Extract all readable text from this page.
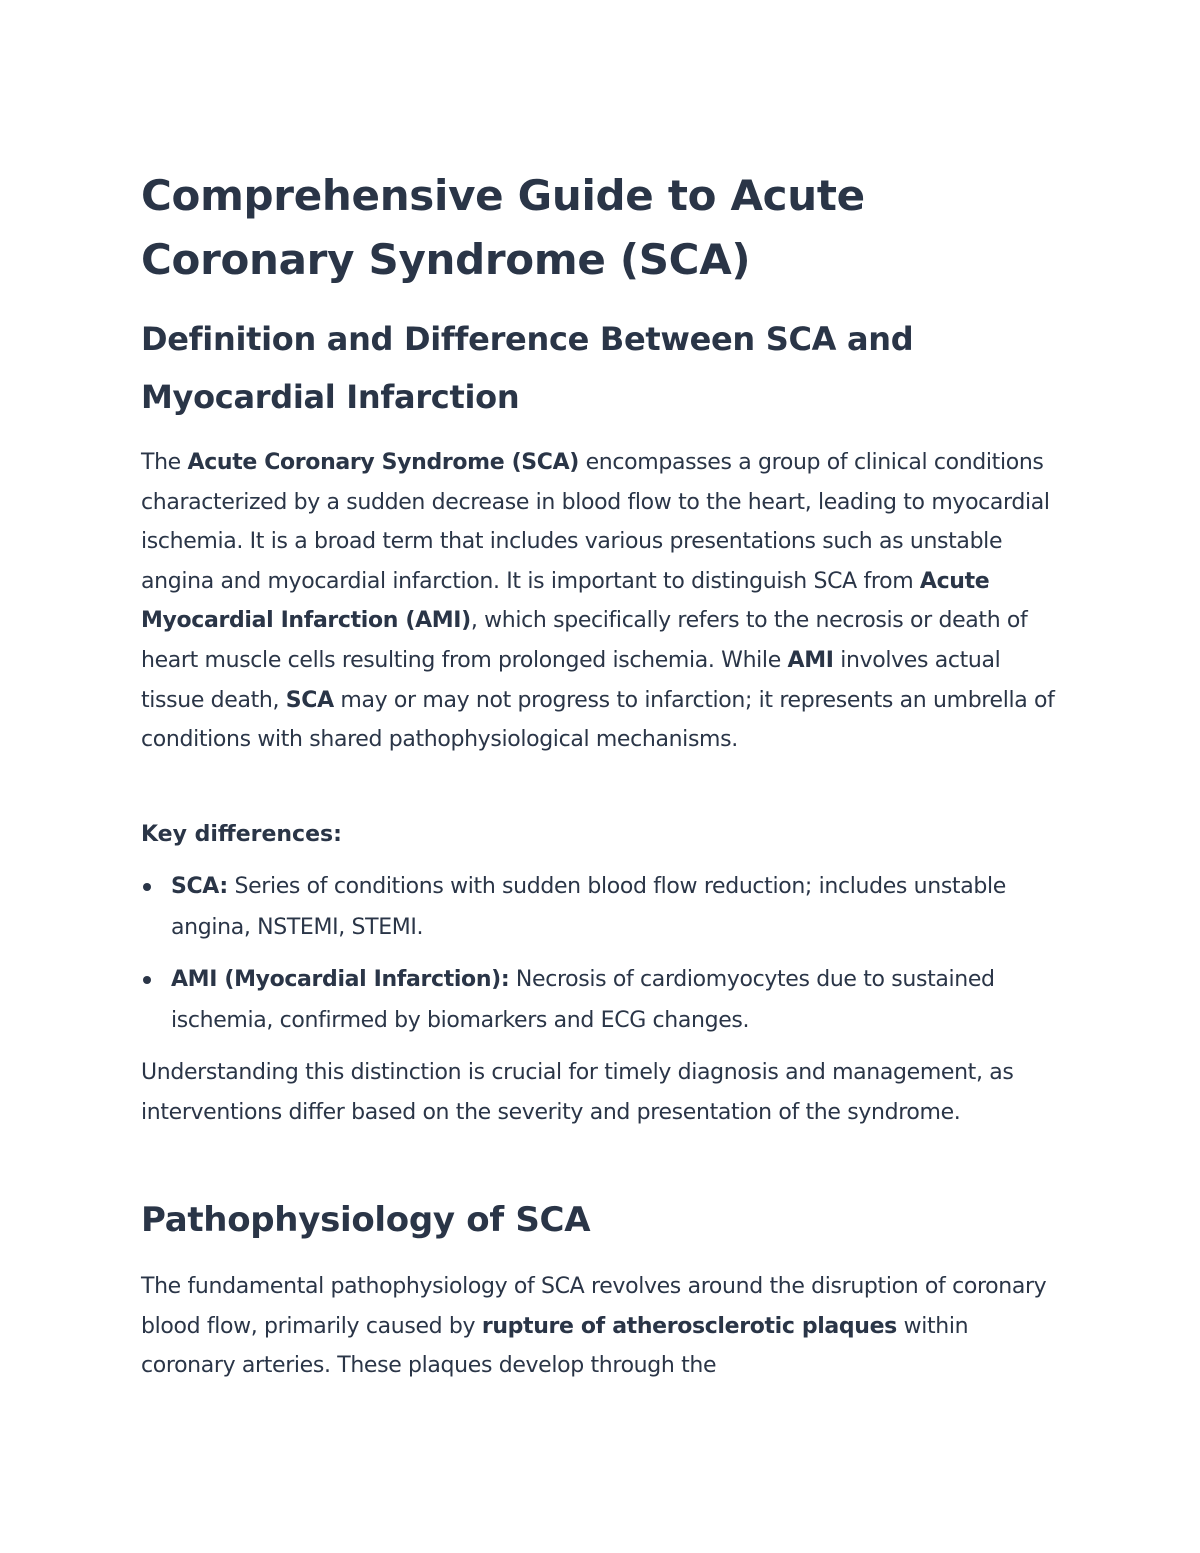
Comprehensive Guide to Acute
Coronary Syndrome (SCA)
Definition and Difference Between SCA and Myocardial Infarction

The Acute Coronary Syndrome (SCA) encompasses a group of clinical conditions characterized by a sudden decrease in blood flow to the heart, leading to myocardial ischemia. It is a broad term that includes various presentations such as unstable angina and myocardial infarction. It is important to distinguish SCA from Acute Myocardial Infarction (AMI), which specifically refers to the necrosis or death of heart muscle cells resulting from prolonged ischemia. While AMI involves actual tissue death, SCA may or may not progress to infarction; it represents an umbrella of conditions with shared pathophysiological mechanisms.

Key differences:

SCA: Series of conditions with sudden blood flow reduction; includes unstable angina, NSTEMI, STEMI.
AMI (Myocardial Infarction): Necrosis of cardiomyocytes due to sustained ischemia, confirmed by biomarkers and ECG changes.

Understanding this distinction is crucial for timely diagnosis and management, as interventions differ based on the severity and presentation of the syndrome.

Pathophysiology of SCA

The fundamental pathophysiology of SCA revolves around the disruption of coronary blood flow, primarily caused by rupture of atherosclerotic plaques within coronary arteries. These plaques develop through the
